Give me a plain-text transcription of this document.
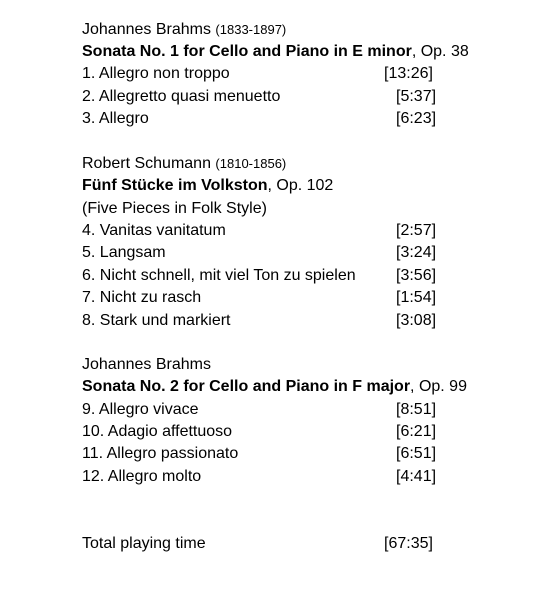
Johannes Brahms (1833-1897)
Sonata No. 1 for Cello and Piano in E minor, Op. 38
1. Allegro non troppo	[13:26]
2. Allegretto quasi menuetto	[5:37]
3. Allegro	[6:23]
Robert Schumann (1810-1856)
Fünf Stücke im Volkston, Op. 102
(Five Pieces in Folk Style)
4. Vanitas vanitatum	[2:57]
5. Langsam	[3:24]
6. Nicht schnell, mit viel Ton zu spielen	[3:56]
7. Nicht zu rasch	[1:54]
8. Stark und markiert	[3:08]
Johannes Brahms
Sonata No. 2 for Cello and Piano in F major, Op. 99
9. Allegro vivace	[8:51]
10. Adagio affettuoso	[6:21]
11. Allegro passionato	[6:51]
12. Allegro molto	[4:41]
Total playing time	[67:35]
